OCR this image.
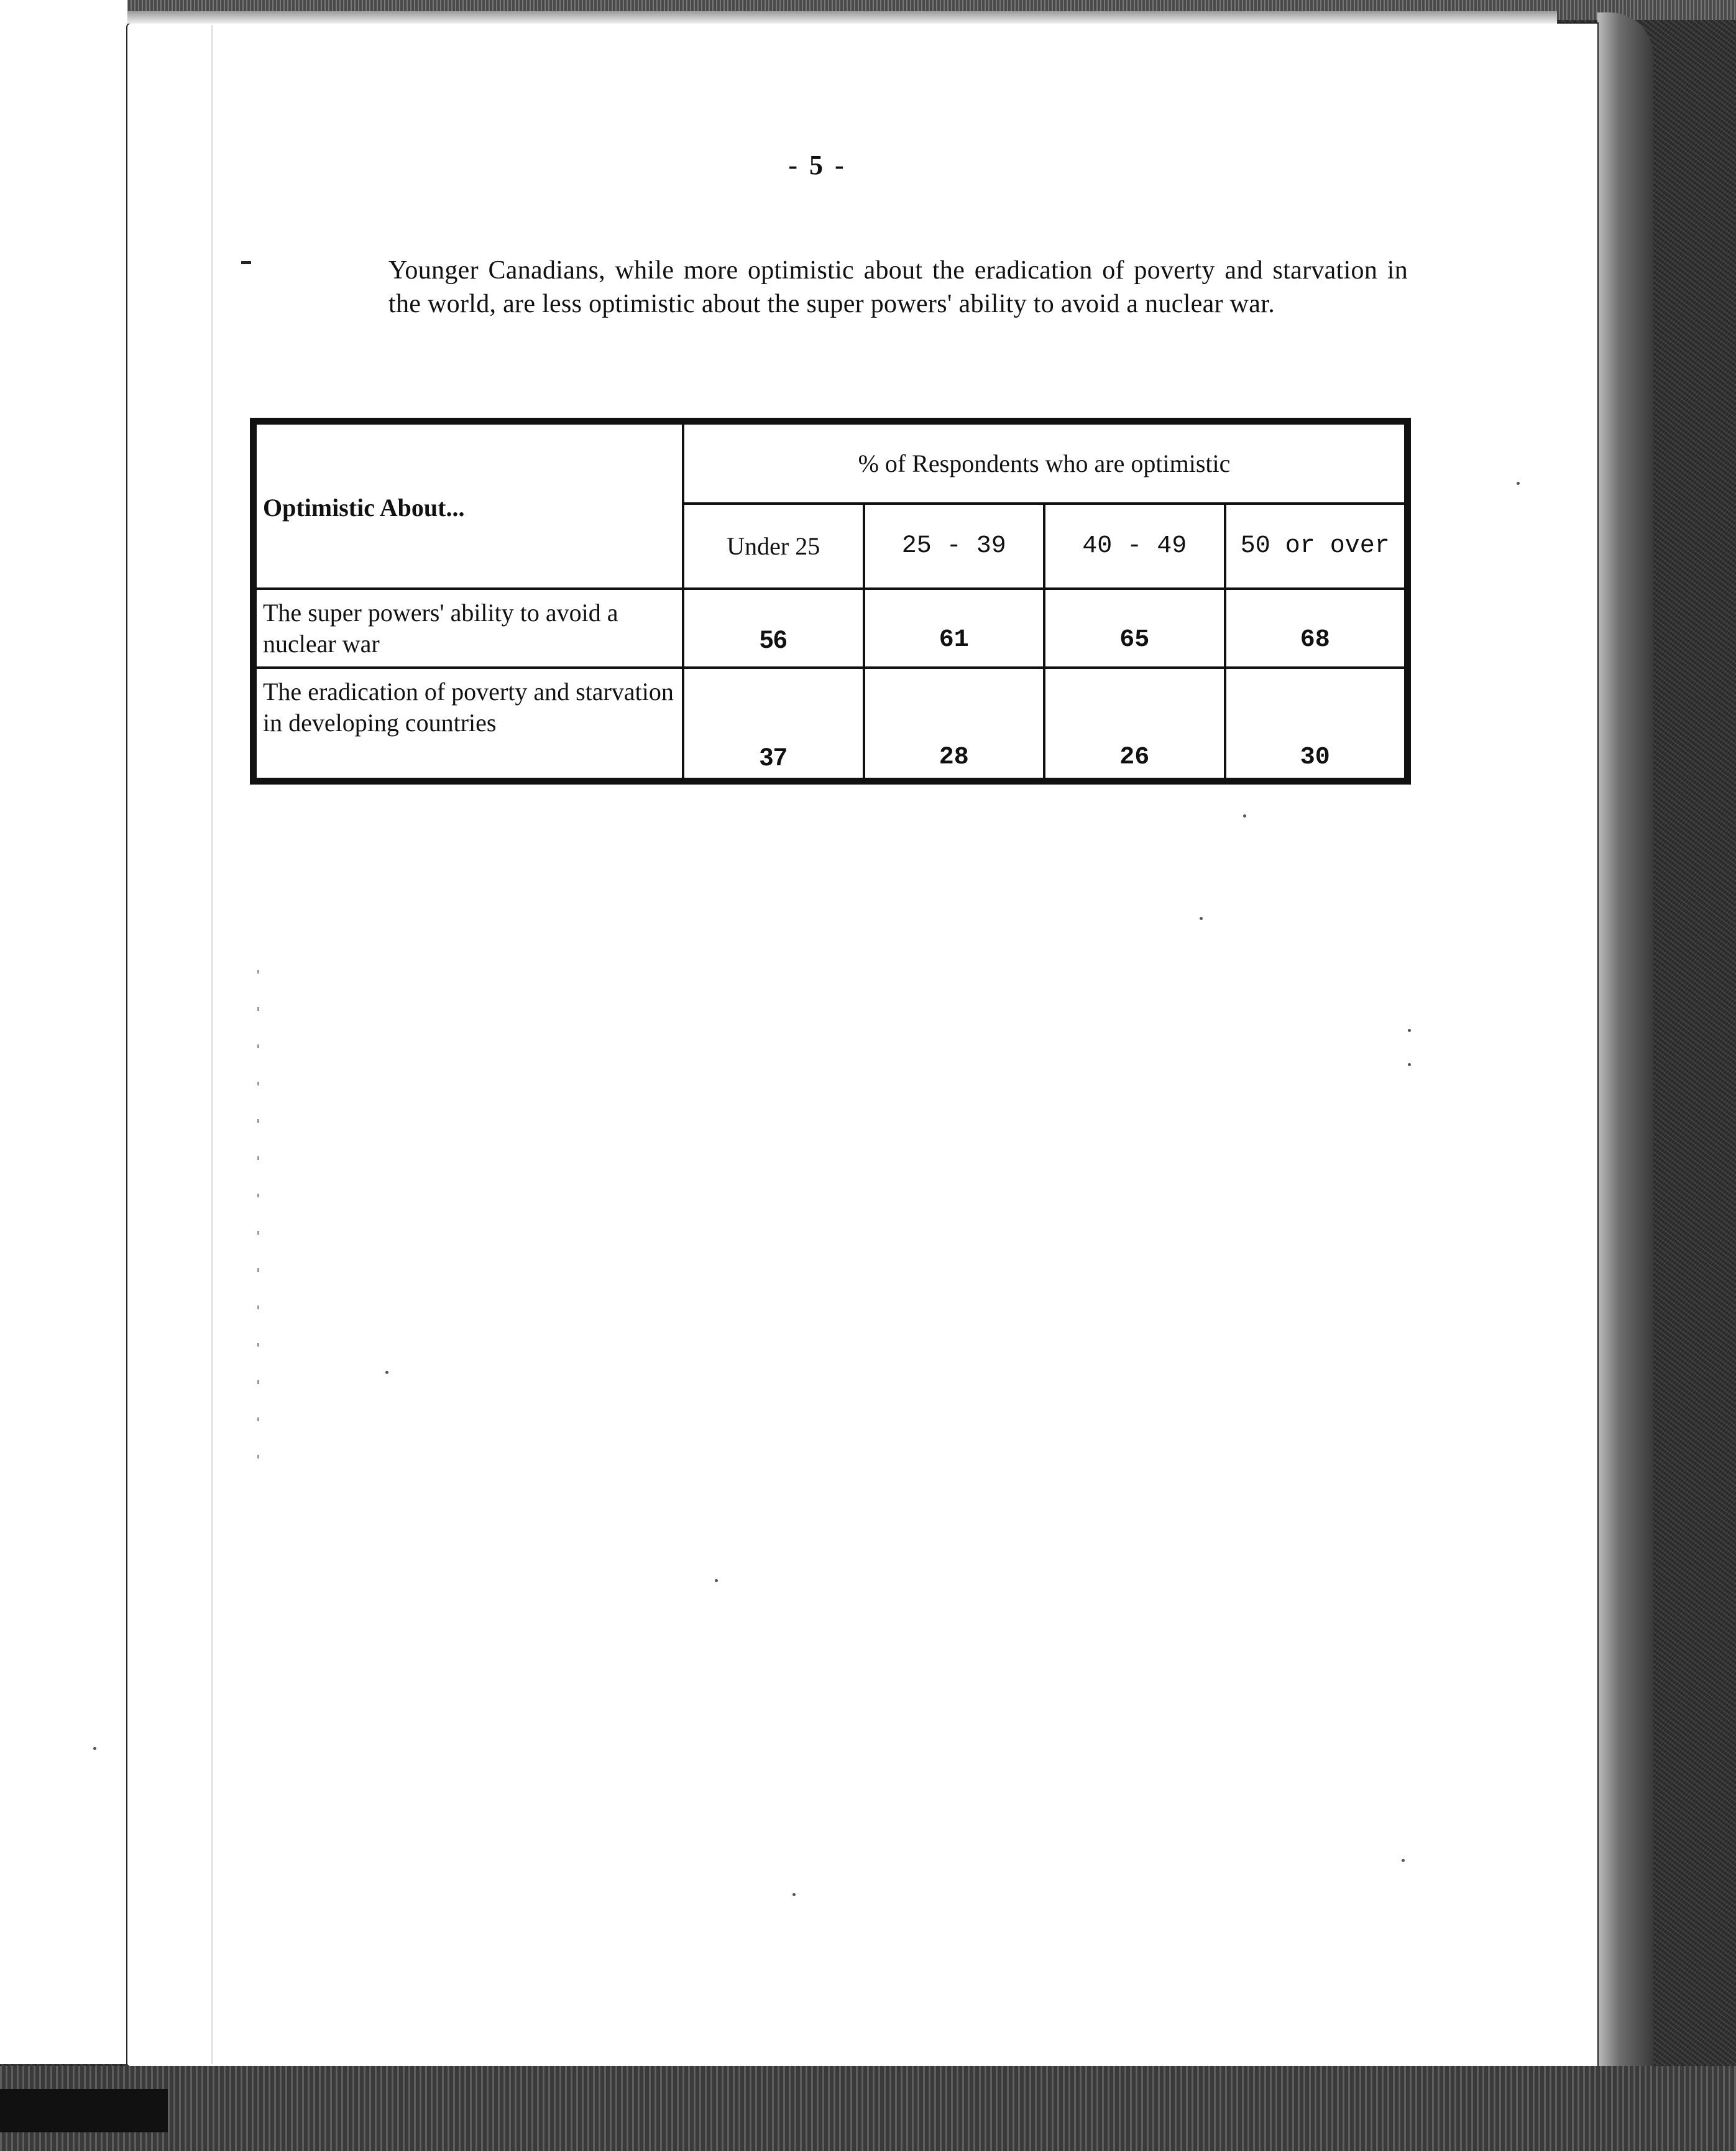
- 5 -
Younger Canadians, while more optimistic about the eradication of poverty and starvation in the world, are less optimistic about the super powers' ability to avoid a nuclear war.
Optimistic About...	% of Respondents who are optimistic			
	Under 25	25 - 39	40 - 49	50 or over
The super powers' ability to avoid a nuclear war	56	61	65	68
The eradication of poverty and starvation in developing countries	37	28	26	30
